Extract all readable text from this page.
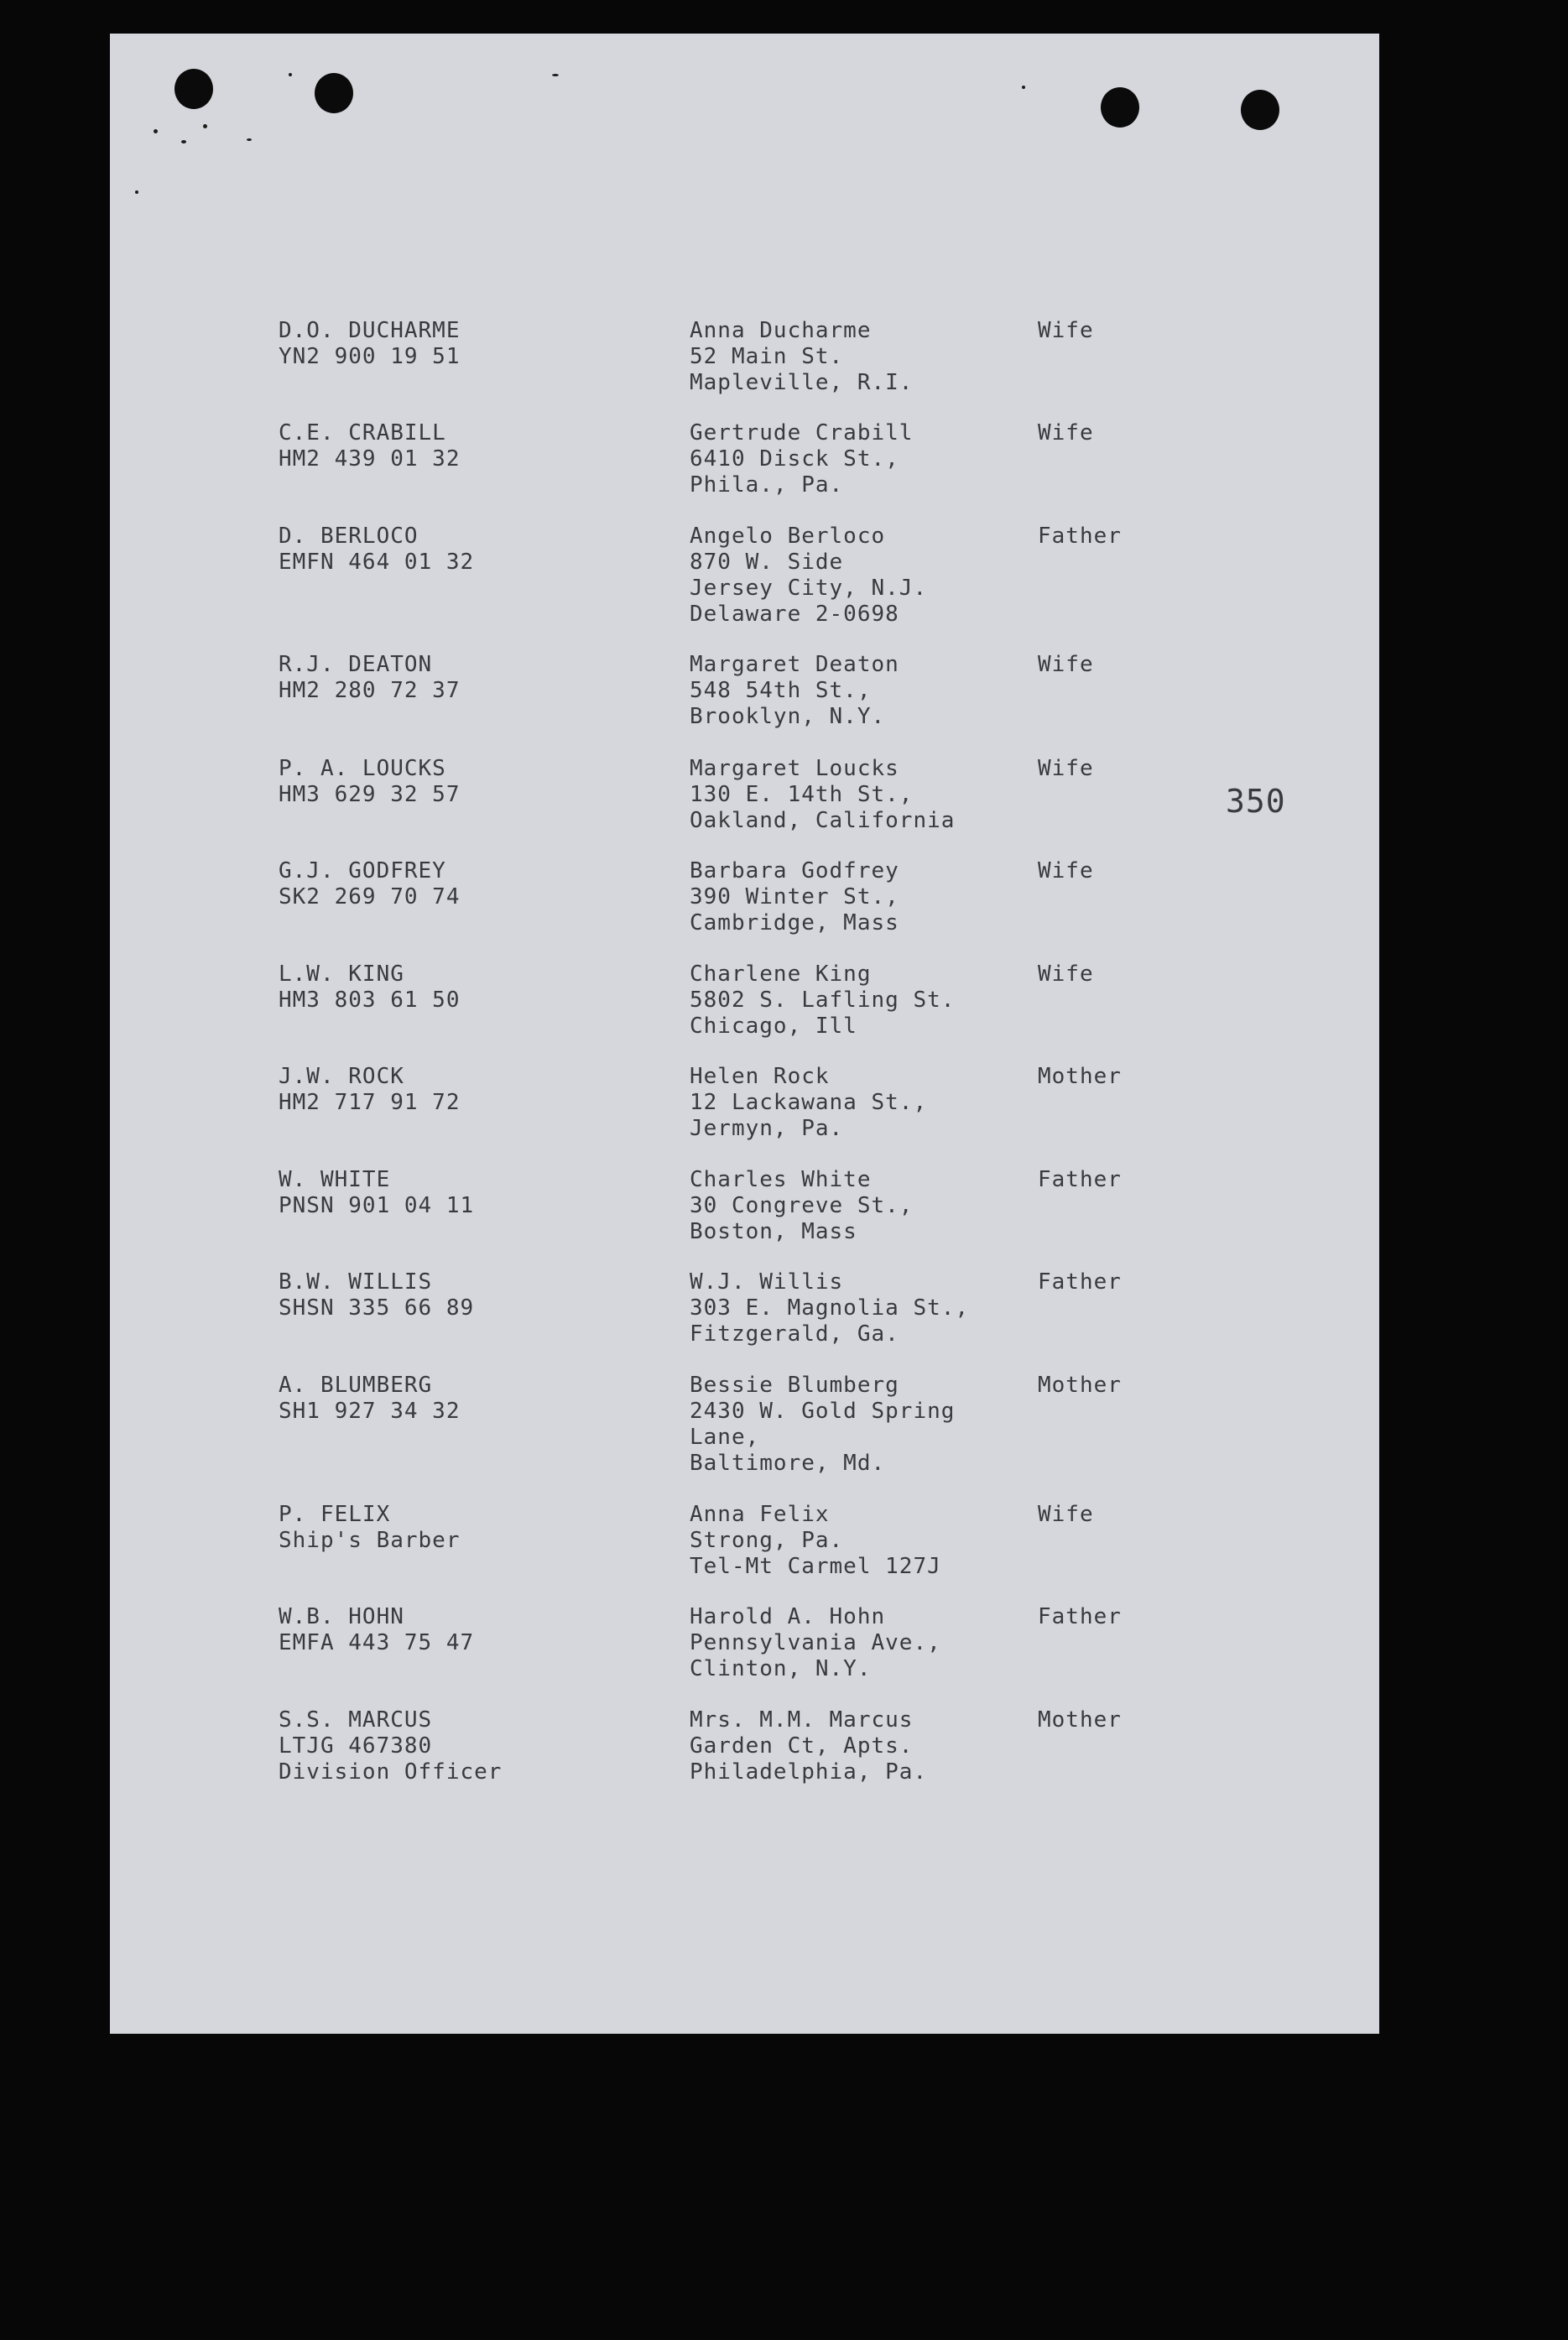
350
D.O. DUCHARME
YN2 900 19 51
Anna Ducharme
52 Main St.
Mapleville, R.I.
Wife
C.E. CRABILL
HM2 439 01 32
Gertrude Crabill
6410 Disck St.,
Phila., Pa.
Wife
D. BERLOCO
EMFN 464 01 32
Angelo Berloco
870 W. Side
Jersey City, N.J.
Delaware 2-0698
Father
R.J. DEATON
HM2 280 72 37
Margaret Deaton
548 54th St.,
Brooklyn, N.Y.
Wife
P. A. LOUCKS
HM3 629 32 57
Margaret Loucks
130 E. 14th St.,
Oakland, California
Wife
G.J. GODFREY
SK2 269 70 74
Barbara Godfrey
390 Winter St.,
Cambridge, Mass
Wife
L.W. KING
HM3 803 61 50
Charlene King
5802 S. Lafling St.
Chicago, Ill
Wife
J.W. ROCK
HM2 717 91 72
Helen Rock
12 Lackawana St.,
Jermyn, Pa.
Mother
W. WHITE
PNSN 901 04 11
Charles White
30 Congreve St.,
Boston, Mass
Father
B.W. WILLIS
SHSN 335 66 89
W.J. Willis
303 E. Magnolia St.,
Fitzgerald, Ga.
Father
A. BLUMBERG
SH1 927 34 32
Bessie Blumberg
2430 W. Gold Spring
Lane,
Baltimore, Md.
Mother
P. FELIX
Ship's Barber
Anna Felix
Strong, Pa.
Tel-Mt Carmel 127J
Wife
W.B. HOHN
EMFA 443 75 47
Harold A. Hohn
Pennsylvania Ave.,
Clinton, N.Y.
Father
S.S. MARCUS
LTJG 467380
Division Officer
Mrs. M.M. Marcus
Garden Ct, Apts.
Philadelphia, Pa.
Mother
